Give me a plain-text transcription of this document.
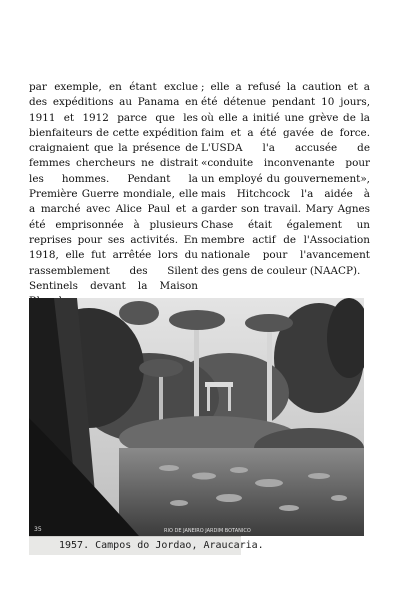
par exemple, en étant exclue des expéditions au Panama en 1911 et 1912 parce que les bienfaiteurs de cette expédition craignaient que la présence de femmes chercheurs ne distrait les hommes. Pendant la Première Guerre mondiale, elle a marché avec Alice Paul et a été emprisonnée à plusieurs reprises pour ses activités. En 1918, elle fut arrêtée lors du rassemblement des Silent Sentinels devant la Maison

; elle a refusé la caution et a été détenue pendant 10 jours, où elle a initié une grève de la faim et a été gavée de force. L'USDA l'a accusée de «conduite inconvenante pour un employé du gouvernement», mais Hitchcock l'a aidée à garder son travail. Mary Agnes Chase était également un membre actif de l'Association nationale pour l'avancement des gens de couleur (NAACP).

35	RIO DE JANEIRO JARDIM BOTANICO
1957. Campos do Jordao, Araucaria.
